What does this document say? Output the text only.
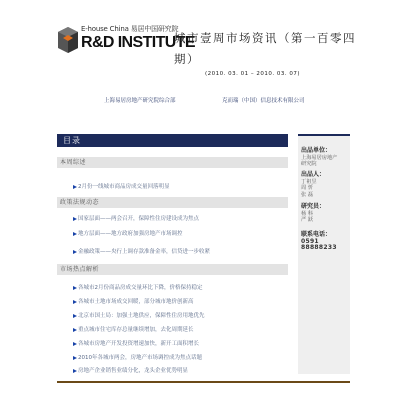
E-house China 易居中国研究院
R&D INSTITUTE
城市壹周市场资讯（第一百零四期）
(2010. 03. 01 – 2010. 03. 07)
上海易居房地产研究院综合部	克而瑞（中国）信息技术有限公司
目录
本周综述
2月份一线城市商品房成交量回落明显
政策法规动态
国家层面——两会召开，保障性住房建设成为焦点
地方层面——地方政府加强房地产市场调控
金融政策——央行上调存款准备金率，信贷进一步收紧
市场热点解析
各城市2月份商品房成交量环比下降，价格保持稳定
各城市土地市场成交回暖，部分城市地价创新高
北京市国土局：加强土地供应，保障性住房用地优先
重点城市住宅库存总量继续增加，去化周期延长
各城市房地产开发投资增速加快，新开工面积增长
2010年各城市两会，房地产市场调控成为焦点话题
房地产企业销售业绩分化，龙头企业优势明显
出品单位：
上海易居房地产
研究院
出品人：
丁祖昱
周 忻
张 磊
研究员：
杨 科
严 跃
联系电话：
0591 88888233
